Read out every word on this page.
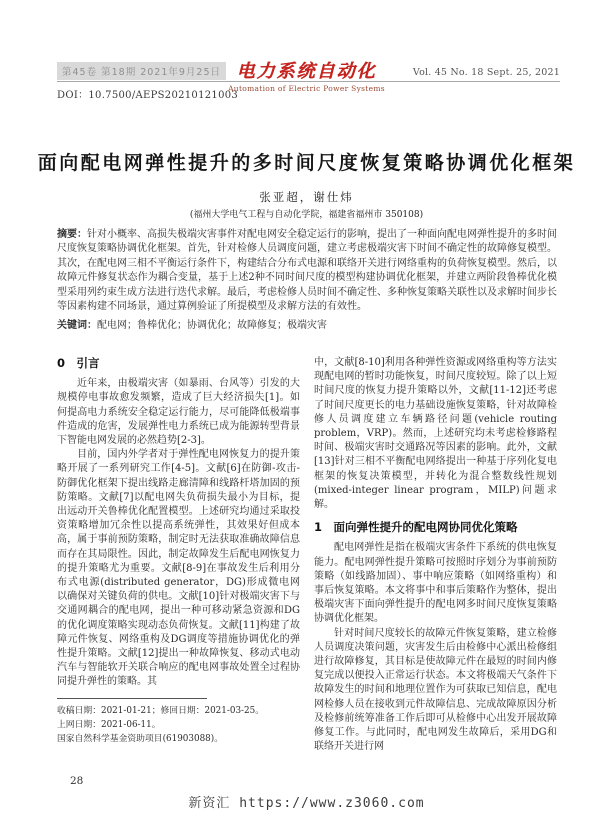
第45卷 第18期 2021年9月25日
DOI：10.7500/AEPS20210121003
电力系统自动化
Automation of Electric Power Systems
Vol. 45 No. 18 Sept. 25, 2021
面向配电网弹性提升的多时间尺度恢复策略协调优化框架
张亚超，谢仕炜
(福州大学电气工程与自动化学院，福建省福州市 350108)

摘要：针对小概率、高损失极端灾害事件对配电网安全稳定运行的影响，提出了一种面向配电网弹性提升的多时间尺度恢复策略协调优化框架。首先，针对检修人员调度问题，建立考虑极端灾害下时间不确定性的故障修复模型。其次，在配电网三相不平衡运行条件下，构建结合分布式电源和联络开关进行网络重构的负荷恢复模型。然后，以故障元件修复状态作为耦合变量，基于上述2种不同时间尺度的模型构建协调优化框架，并建立两阶段鲁棒优化模型采用列约束生成方法进行迭代求解。最后，考虑检修人员时间不确定性、多种恢复策略关联性以及求解时间步长等因素构建不同场景，通过算例验证了所提模型及求解方法的有效性。

关键词：配电网；鲁棒优化；协调优化；故障修复；极端灾害

0　引言

近年来，由极端灾害（如暴雨、台风等）引发的大规模停电事故愈发频繁，造成了巨大经济损失[1]。如何提高电力系统安全稳定运行能力，尽可能降低极端事件造成的危害，发展弹性电力系统已成为能源转型背景下智能电网发展的必然趋势[2-3]。

目前，国内外学者对于弹性配电网恢复力的提升策略开展了一系列研究工作[4-5]。文献[6]在防御-攻击-防御优化框架下提出线路走廊清障和线路杆塔加固的预防策略。文献[7]以配电网失负荷损失最小为目标，提出远动开关鲁棒优化配置模型。上述研究均通过采取投资策略增加冗余性以提高系统弹性，其效果好但成本高，属于事前预防策略，制定时无法获取准确故障信息而存在其局限性。因此，制定故障发生后配电网恢复力的提升策略尤为重要。文献[8-9]在事故发生后利用分布式电源(distributed generator，DG)形成微电网以确保对关键负荷的供电。文献[10]针对极端灾害下与交通网耦合的配电网，提出一种可移动紧急资源和DG的优化调度策略实现动态负荷恢复。文献[11]构建了故障元件恢复、网络重构及DG调度等措施协调优化的弹性提升策略。文献[12]提出一种故障恢复、移动式电动汽车与智能软开关联合响应的配电网事故处置全过程协同提升弹性的策略。其

收稿日期：2021-01-21；修回日期：2021-03-25。
上网日期：2021-06-11。
国家自然科学基金资助项目(61903088)。

中，文献[8-10]利用各种弹性资源或网络重构等方法实现配电网的暂时功能恢复，时间尺度较短。除了以上短时间尺度的恢复力提升策略以外，文献[11-12]还考虑了时间尺度更长的电力基础设施恢复策略，针对故障检修人员调度建立车辆路径问题(vehicle routing problem，VRP)。然而，上述研究均未考虑检修路程时间、极端灾害时交通路况等因素的影响。此外，文献[13]针对三相不平衡配电网络提出一种基于序列化复电框架的恢复决策模型，并转化为混合整数线性规划(mixed-integer linear program，MILP)问题求解。

1　面向弹性提升的配电网协同优化策略

配电网弹性是指在极端灾害条件下系统的供电恢复能力。配电网弹性提升策略可按照时序划分为事前预防策略（如线路加固）、事中响应策略（如网络重构）和事后恢复策略。本文将事中和事后策略作为整体，提出极端灾害下面向弹性提升的配电网多时间尺度恢复策略协调优化框架。

针对时间尺度较长的故障元件恢复策略，建立检修人员调度决策问题，灾害发生后由检修中心派出检修组进行故障修复，其目标是使故障元件在最短的时间内修复完成以便投入正常运行状态。本文将极端天气条件下故障发生的时间和地理位置作为可获取已知信息，配电网检修人员在接收到元件故障信息、完成故障原因分析及检修前统筹准备工作后即可从检修中心出发开展故障修复工作。与此同时，配电网发生故障后，采用DG和联络开关进行网

28
新资汇 https://www.z3060.com
